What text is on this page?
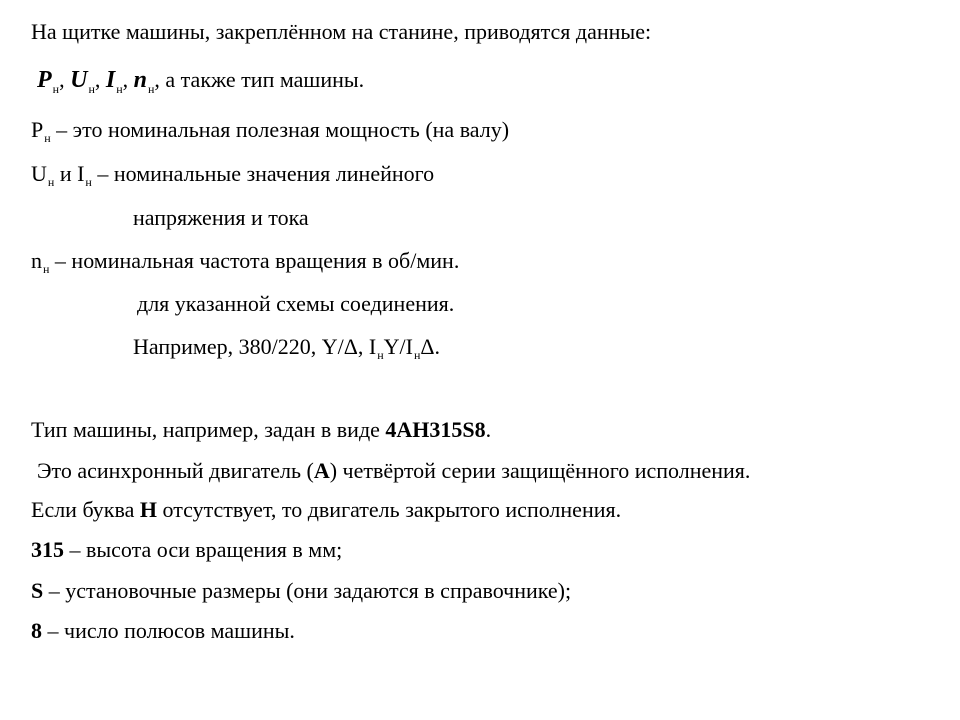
На щитке машины, закреплённом на станине, приводятся данные:
$P_н$, $U_н$, $I_н$, $n_н$, а также тип машины.
$P_н$ – это номинальная полезная мощность (на валу)
$U_н$ и $I_н$ – номинальные значения линейного
напряжения и тока
$n_н$ – номинальная частота вращения в об/мин.
для указанной схемы соединения.
Например, 380/220, Y/Δ, $I_нY/I_н\Delta$.
Тип машины, например, задан в виде 4АН315S8.
Это асинхронный двигатель (А) четвёртой серии защищённого исполнения.
Если буква Н отсутствует, то двигатель закрытого исполнения.
315 – высота оси вращения в мм;
S – установочные размеры (они задаются в справочнике);
8 – число полюсов машины.
